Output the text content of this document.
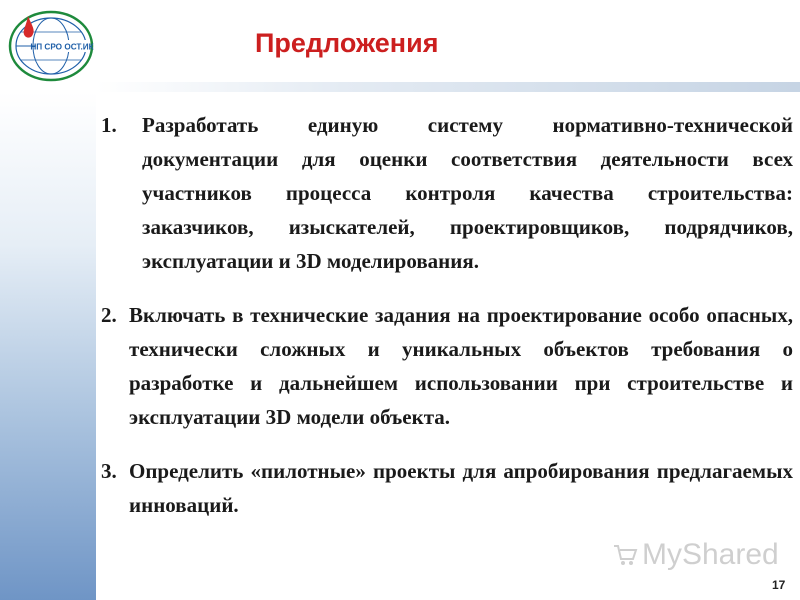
НП СРО ОСТ.ИК	Предложения
1. Разработать единую систему нормативно-технической документации для оценки соответствия деятельности всех участников процесса контроля качества строительства: заказчиков, изыскателей, проектировщиков, подрядчиков, эксплуатации и 3D моделирования.
2. Включать в технические задания на проектирование особо опасных, технически сложных и уникальных объектов требования о разработке и дальнейшем использовании при строительстве и эксплуатации 3D модели объекта.
3. Определить «пилотные» проекты для апробирования предлагаемых инноваций.
MyShared
17
